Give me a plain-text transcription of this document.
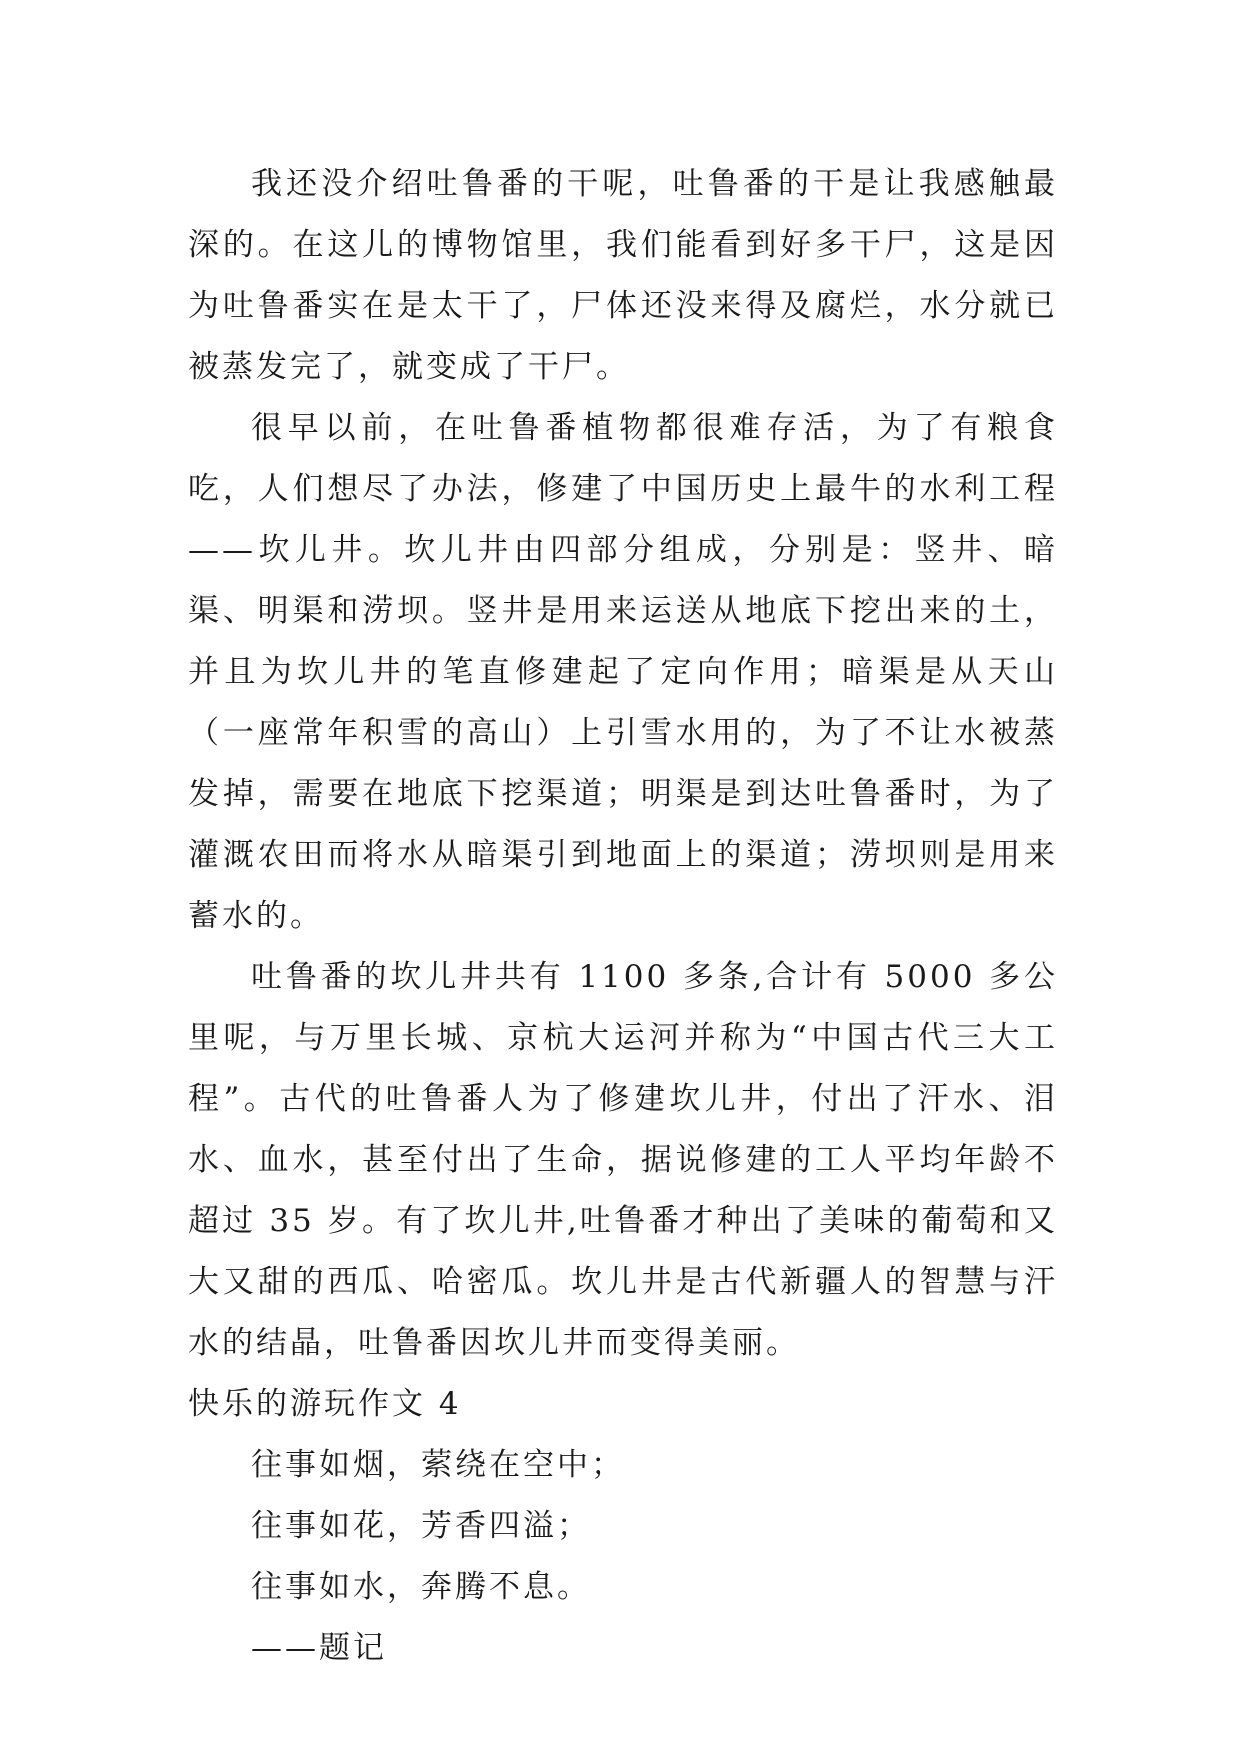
我还没介绍吐鲁番的干呢，吐鲁番的干是让我感触最深的。在这儿的博物馆里，我们能看到好多干尸，这是因为吐鲁番实在是太干了，尸体还没来得及腐烂，水分就已被蒸发完了，就变成了干尸。

很早以前，在吐鲁番植物都很难存活，为了有粮食吃，人们想尽了办法，修建了中国历史上最牛的水利工程——坎儿井。坎儿井由四部分组成，分别是：竖井、暗渠、明渠和涝坝。竖井是用来运送从地底下挖出来的土，并且为坎儿井的笔直修建起了定向作用；暗渠是从天山（一座常年积雪的高山）上引雪水用的，为了不让水被蒸发掉，需要在地底下挖渠道；明渠是到达吐鲁番时，为了灌溉农田而将水从暗渠引到地面上的渠道；涝坝则是用来蓄水的。

吐鲁番的坎儿井共有 1100 多条,合计有 5000 多公里呢，与万里长城、京杭大运河并称为“中国古代三大工程”。古代的吐鲁番人为了修建坎儿井，付出了汗水、泪水、血水，甚至付出了生命，据说修建的工人平均年龄不超过 35 岁。有了坎儿井,吐鲁番才种出了美味的葡萄和又大又甜的西瓜、哈密瓜。坎儿井是古代新疆人的智慧与汗水的结晶，吐鲁番因坎儿井而变得美丽。

快乐的游玩作文 4

往事如烟，萦绕在空中；

往事如花，芳香四溢；

往事如水，奔腾不息。

——题记
